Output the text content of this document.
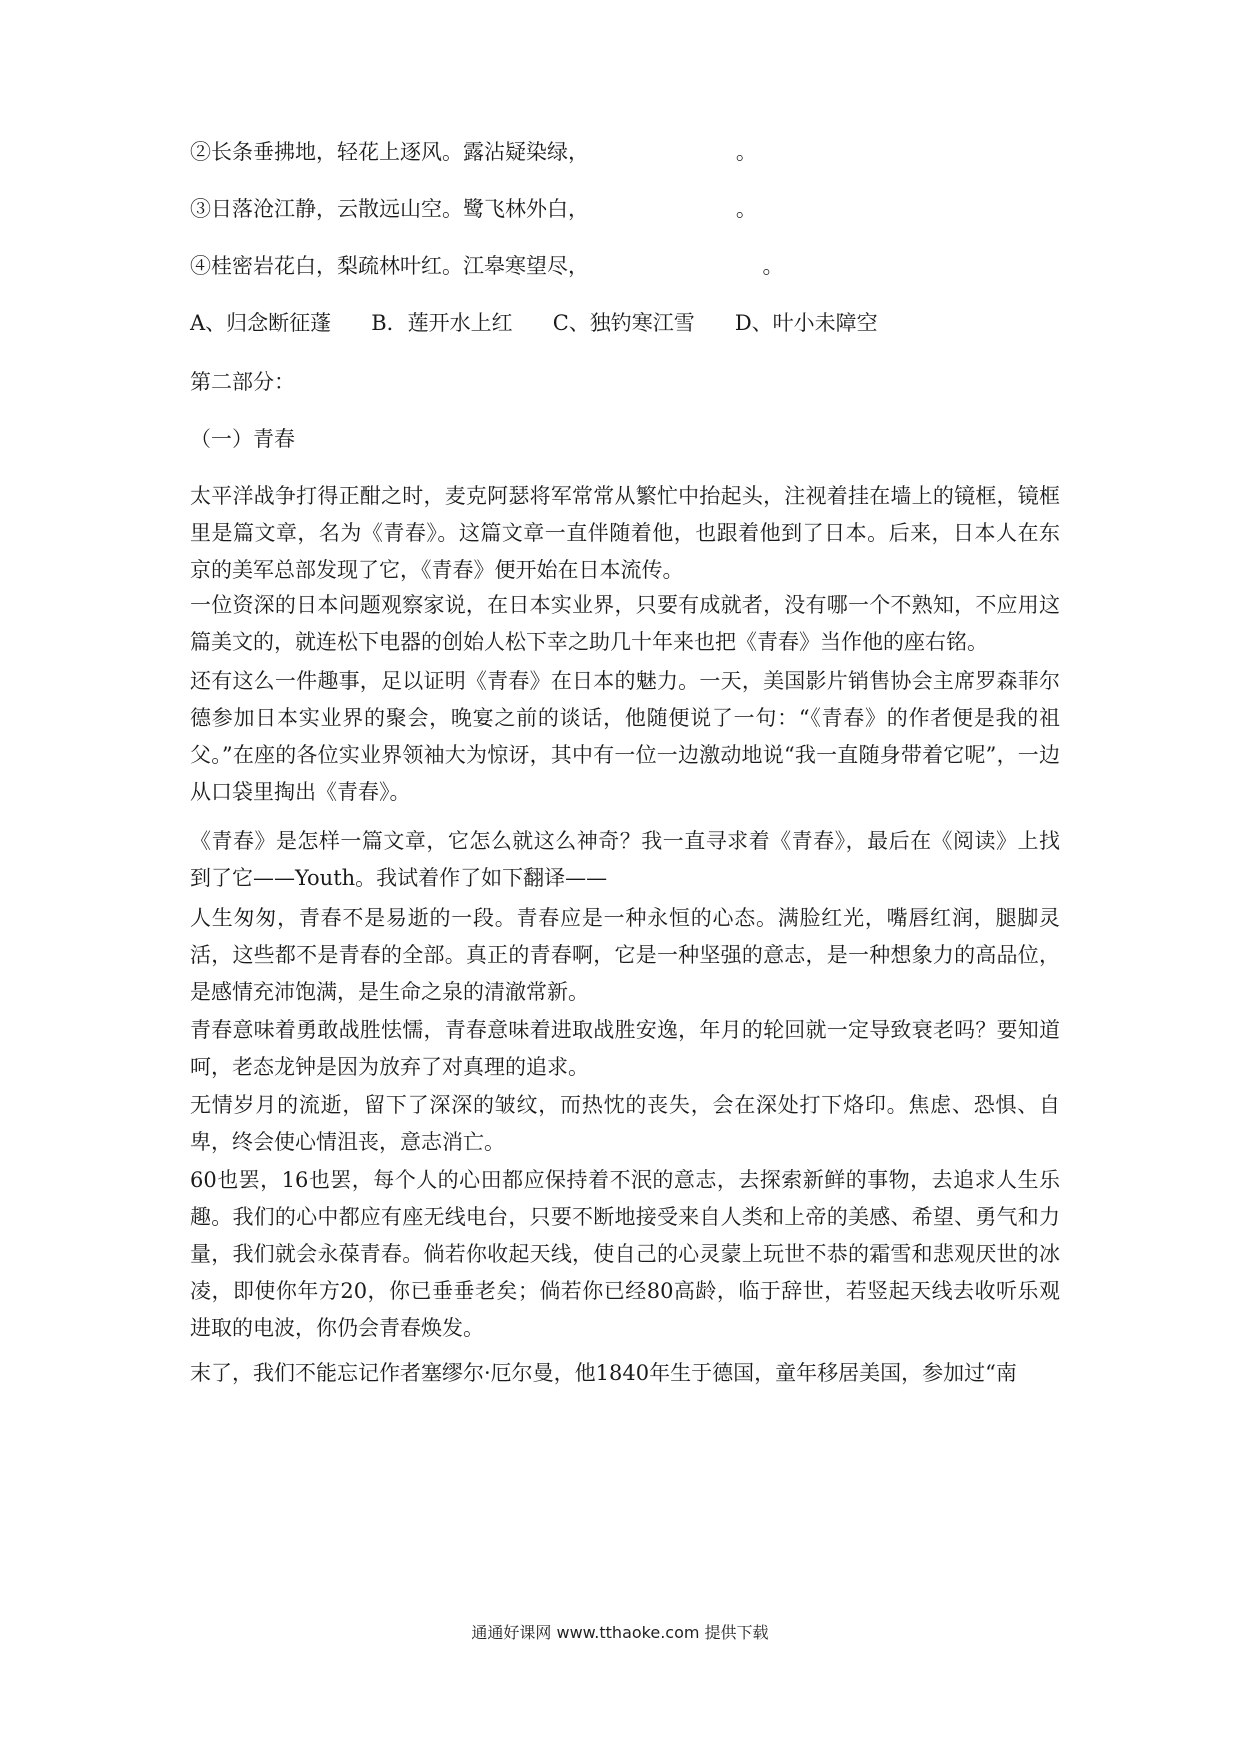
②长条垂拂地，轻花上逐风。露沾疑染绿，                      。
③日落沧江静，云散远山空。鹭飞林外白，                      。
④桂密岩花白，梨疏林叶红。江皋寒望尽，                          。
A、归念断征蓬      B．莲开水上红      C、独钓寒江雪      D、叶小未障空
第二部分：
（一）青春
太平洋战争打得正酣之时，麦克阿瑟将军常常从繁忙中抬起头，注视着挂在墙上的镜框，镜框里是篇文章，名为《青春》。这篇文章一直伴随着他，也跟着他到了日本。后来，日本人在东京的美军总部发现了它，《青春》便开始在日本流传。
一位资深的日本问题观察家说，在日本实业界，只要有成就者，没有哪一个不熟知，不应用这篇美文的，就连松下电器的创始人松下幸之助几十年来也把《青春》当作他的座右铭。
还有这么一件趣事，足以证明《青春》在日本的魅力。一天，美国影片销售协会主席罗森菲尔德参加日本实业界的聚会，晚宴之前的谈话，他随便说了一句：“《青春》的作者便是我的祖父。”在座的各位实业界领袖大为惊讶，其中有一位一边激动地说“我一直随身带着它呢”，一边从口袋里掏出《青春》。
《青春》是怎样一篇文章，它怎么就这么神奇？我一直寻求着《青春》，最后在《阅读》上找到了它——Youth。我试着作了如下翻译——
人生匆匆，青春不是易逝的一段。青春应是一种永恒的心态。满脸红光，嘴唇红润，腿脚灵活，这些都不是青春的全部。真正的青春啊，它是一种坚强的意志，是一种想象力的高品位，是感情充沛饱满，是生命之泉的清澈常新。
青春意味着勇敢战胜怯懦，青春意味着进取战胜安逸，年月的轮回就一定导致衰老吗？要知道呵，老态龙钟是因为放弃了对真理的追求。
无情岁月的流逝，留下了深深的皱纹，而热忱的丧失，会在深处打下烙印。焦虑、恐惧、自卑，终会使心情沮丧，意志消亡。
60也罢，16也罢，每个人的心田都应保持着不泯的意志，去探索新鲜的事物，去追求人生乐趣。我们的心中都应有座无线电台，只要不断地接受来自人类和上帝的美感、希望、勇气和力量，我们就会永葆青春。倘若你收起天线，使自己的心灵蒙上玩世不恭的霜雪和悲观厌世的冰凌，即使你年方20，你已垂垂老矣；倘若你已经80高龄，临于辞世，若竖起天线去收听乐观进取的电波，你仍会青春焕发。
末了，我们不能忘记作者塞缪尔·厄尔曼，他1840年生于德国，童年移居美国，参加过“南
通通好课网 www.tthaoke.com 提供下载
